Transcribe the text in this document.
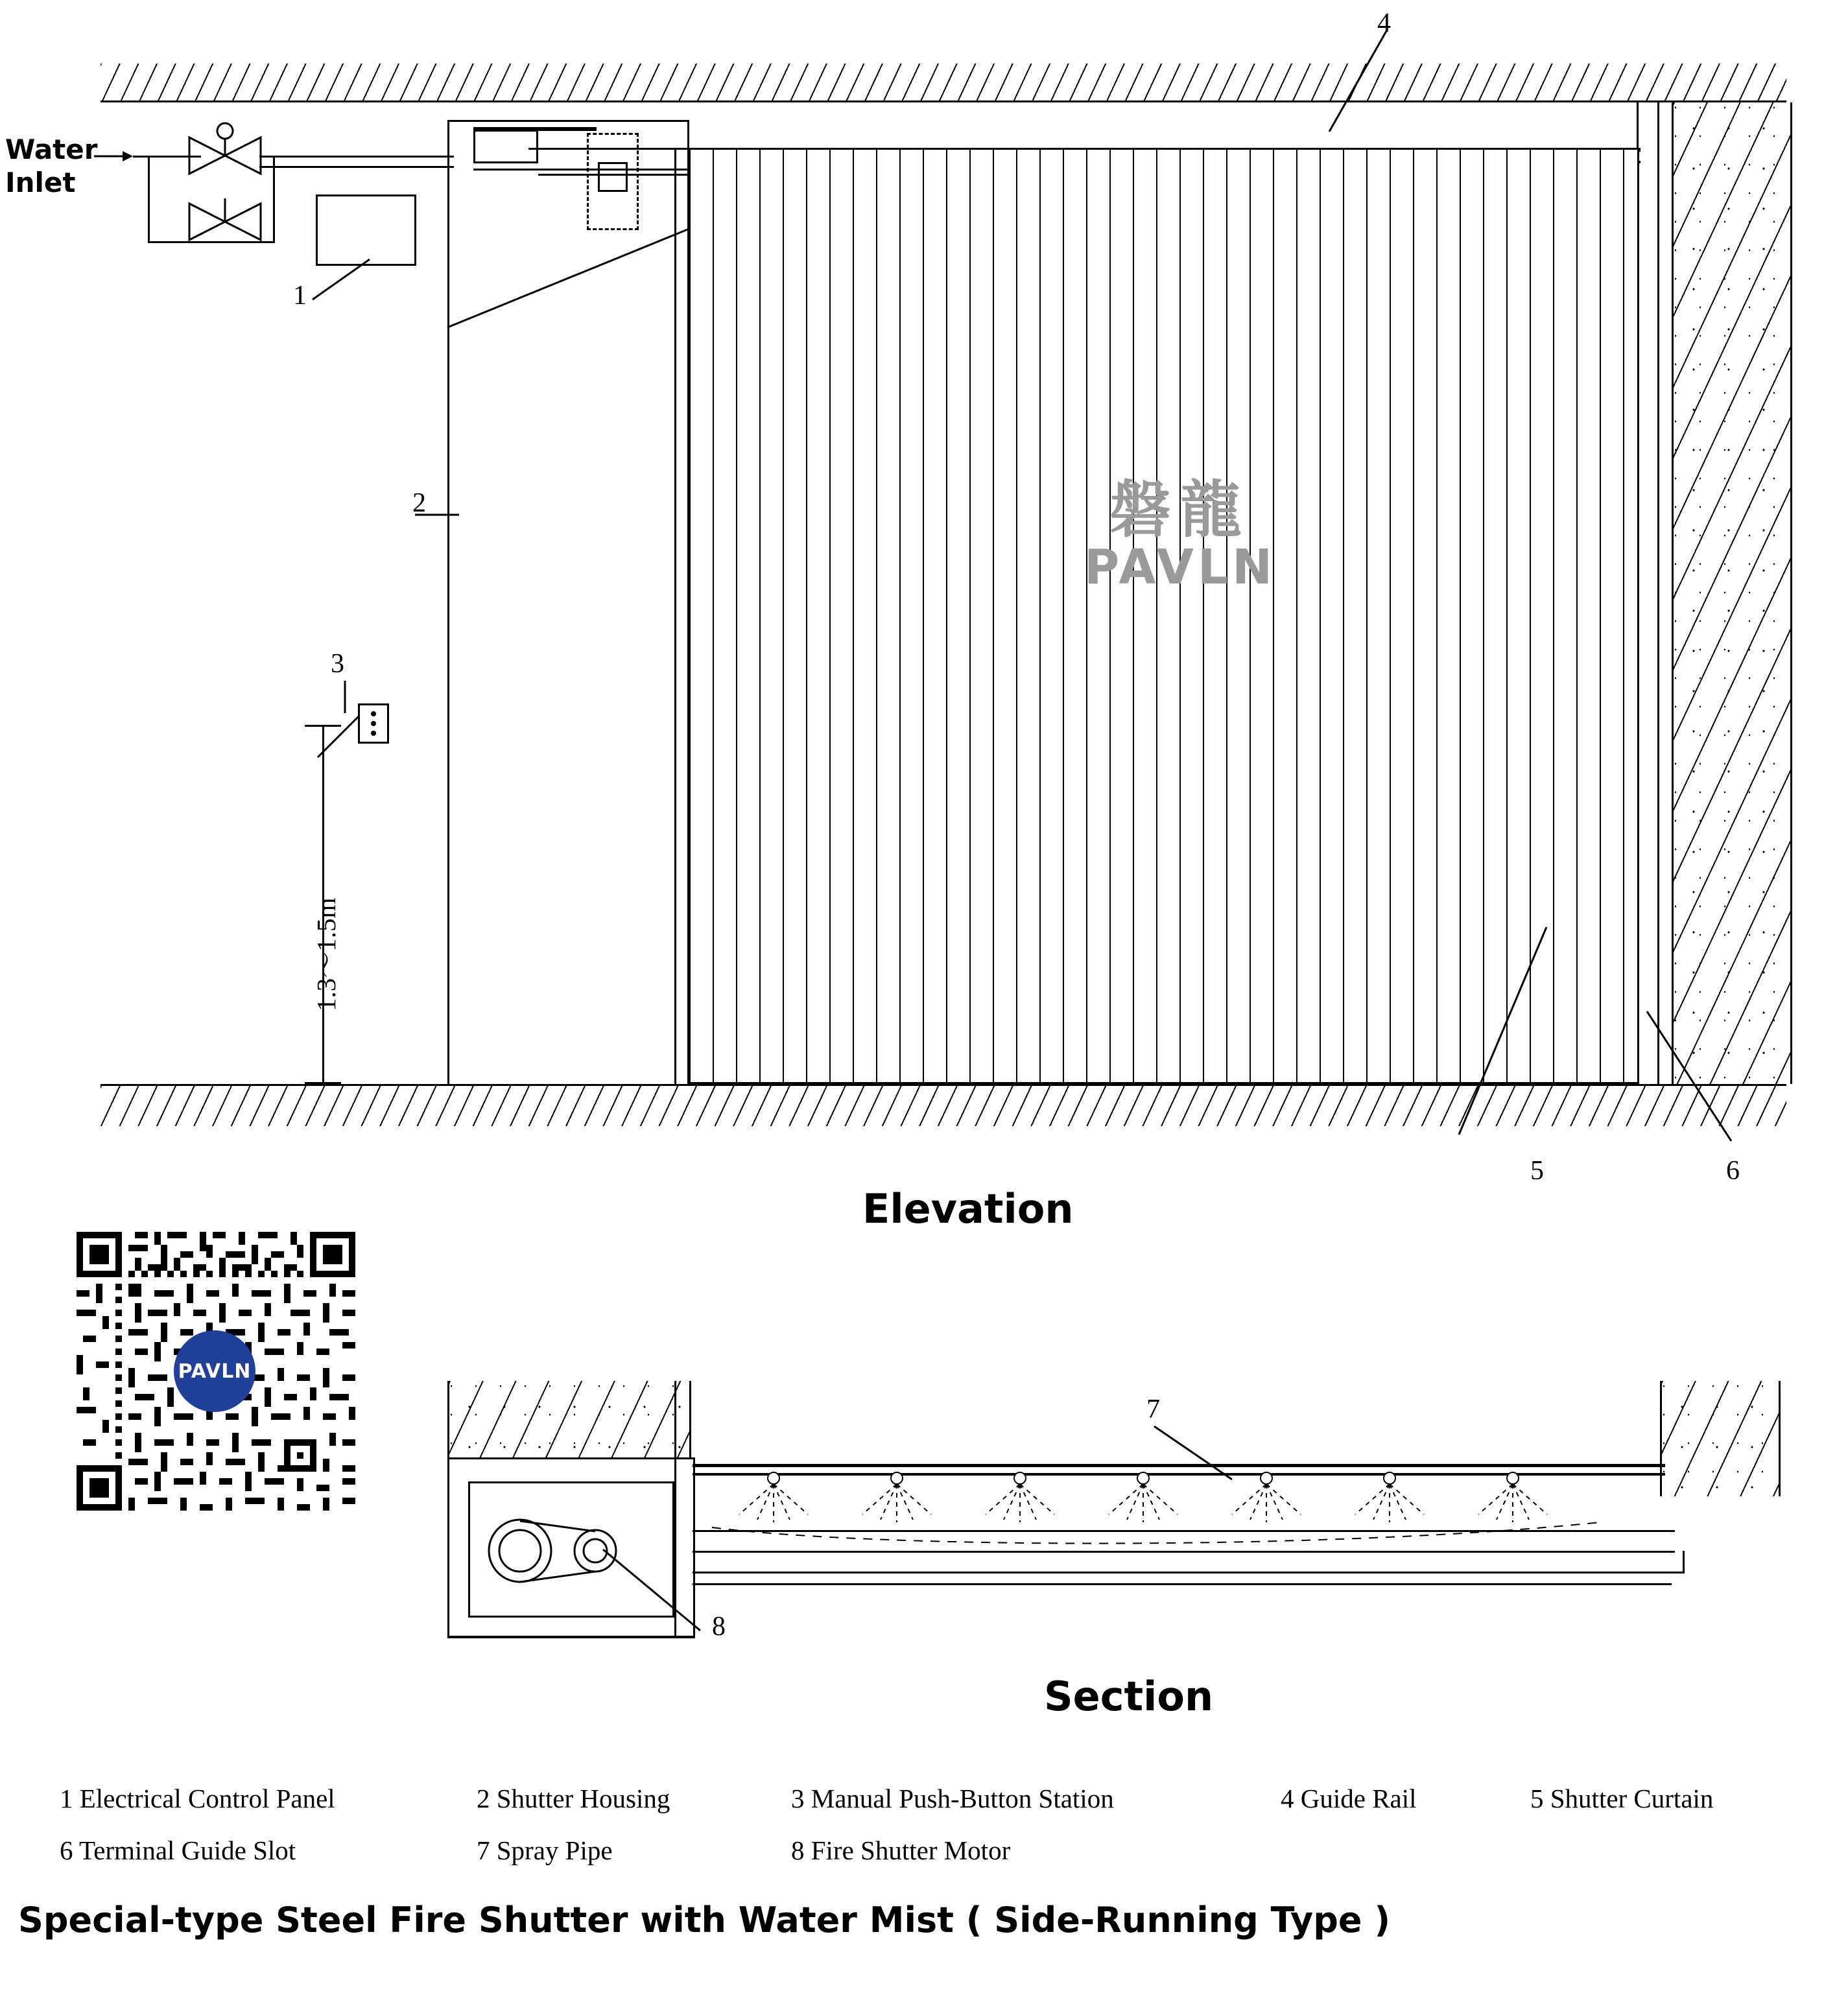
磐龍
PAVLN
Water
Inlet
1
2
3
1.3～1.5m
4
5	6
Elevation
PAVLN
8
7
Section
1 Electrical Control Panel	2 Shutter Housing	3 Manual Push-Button Station	4 Guide Rail	5 Shutter Curtain
6 Terminal Guide Slot	7 Spray Pipe	8 Fire Shutter Motor
Special-type Steel Fire Shutter with Water Mist ( Side-Running Type )
